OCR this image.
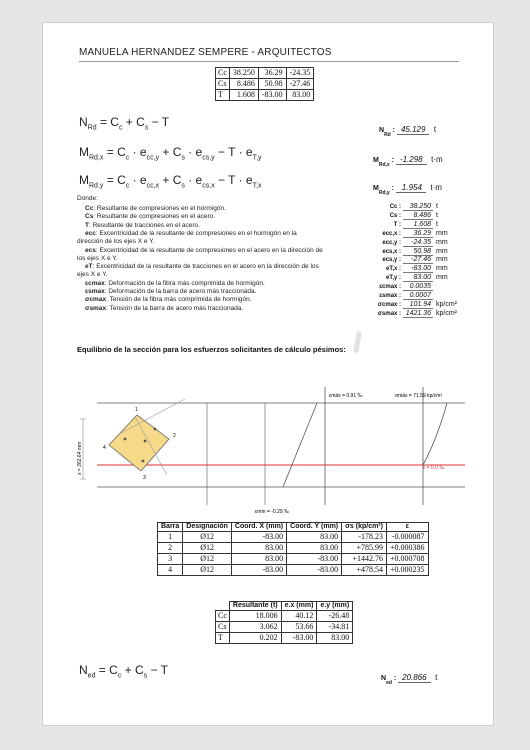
MANUELA HERNANDEZ SEMPERE - ARQUITECTOS
Cc	38.250	36.29	-24.35
Cs	8.486	50.98	-27.46
T	1.608	-83.00	83.00
$N_{Rd} = C_c + C_s - T$
$N_{Rd}$ : 45.129 t
$M_{Rd,x} = C_c \cdot e_{cc,y} + C_s \cdot e_{cs,y} - T \cdot e_{T,y}$	$M_{Rd,x}$ : -1.298 t·m
$M_{Rd,y} = C_c \cdot e_{cc,x} + C_s \cdot e_{cs,x} - T \cdot e_{T,x}$	$M_{Rd,y}$ : 1.954 t·m
Donde:
Cc: Resultante de compresiones en el hormigón.
Cs: Resultante de compresiones en el acero.
T: Resultante de tracciones en el acero.
ecc: Excentricidad de la resultante de compresiones en el hormigón en la
dirección de los ejes X e Y.
ecs: Excentricidad de la resultante de compresiones en el acero en la dirección de
los ejes X e Y.
eT: Excentricidad de la resultante de tracciones en el acero en la dirección de los
ejes X e Y.
εcmax: Deformación de la fibra más comprimida de hormigón.
εsmax: Deformación de la barra de acero más traccionada.
σcmax: Tensión de la fibra más comprimida de hormigón.
σsmax: Tensión de la barra de acero más traccionada.
Cc : 38.250 t
Cs : 8.486 t
T : 1.608 t
ecc,x : 36.29 mm
ecc,y : -24.35 mm
ecs,x : 50.98 mm
ecs,y : -27.46 mm
eT,x : -83.00 mm
eT,y : 83.00 mm
εcmax : 0.0035
εsmax : 0.0007
σcmax : 101.94 kp/cm²
σsmax : 1421.36 kp/cm²
Equilibrio de la sección para los esfuerzos solicitantes de cálculo pésimos:
εmáx = 0.91 ‰	σmáx = 71.59 kp/cm²
ε = 0.0 ‰
εmín = -0.29 ‰
x = 262.64 mm
1
2
3
4
Barra	Designación	Coord. X (mm)	Coord. Y (mm)	σs (kp/cm²)	ε
1	Ø12	-83.00	83.00	-178.23	-0.000087
2	Ø12	83.00	83.00	+785.99	+0.000386
3	Ø12	83.00	-83.00	+1442.76	+0.000708
4	Ø12	-83.00	-83.00	+478.54	+0.000235
	Resultante (t)	e.x (mm)	e.y (mm)
Cc	18.006	40.12	-26.48
Cs	3.062	53.66	-34.81
T	0.202	-83.00	83.00
$N_{ed} = C_c + C_s - T$
$N_{ed}$ : 20.866 t
